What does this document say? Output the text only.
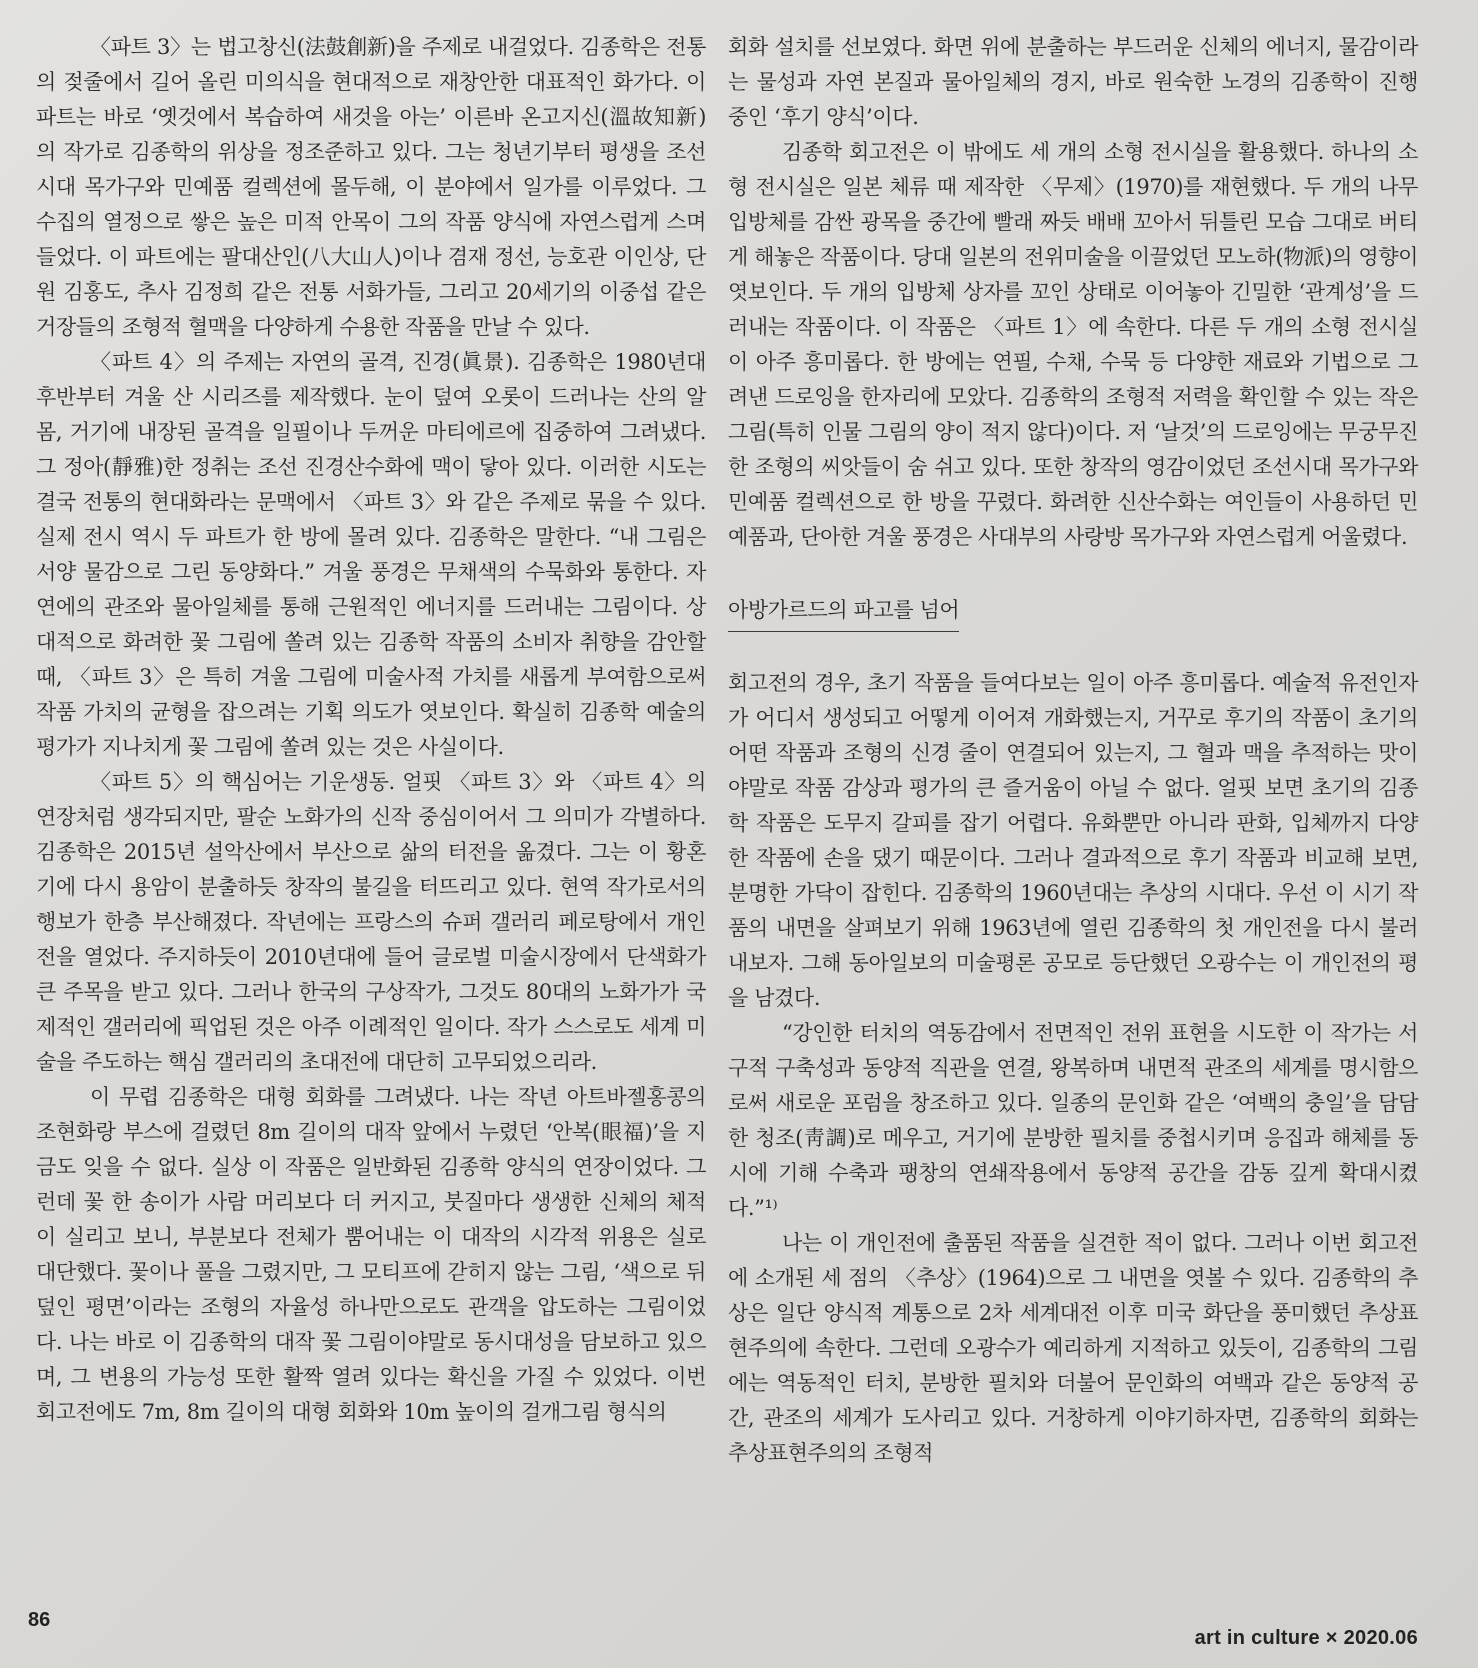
〈파트 3〉는 법고창신(法鼓創新)을 주제로 내걸었다. 김종학은 전통의 젖줄에서 길어 올린 미의식을 현대적으로 재창안한 대표적인 화가다. 이 파트는 바로 ‘옛것에서 복습하여 새것을 아는’ 이른바 온고지신(溫故知新)의 작가로 김종학의 위상을 정조준하고 있다. 그는 청년기부터 평생을 조선시대 목가구와 민예품 컬렉션에 몰두해, 이 분야에서 일가를 이루었다. 그 수집의 열정으로 쌓은 높은 미적 안목이 그의 작품 양식에 자연스럽게 스며들었다. 이 파트에는 팔대산인(八大山人)이나 겸재 정선, 능호관 이인상, 단원 김홍도, 추사 김정희 같은 전통 서화가들, 그리고 20세기의 이중섭 같은 거장들의 조형적 혈맥을 다양하게 수용한 작품을 만날 수 있다.

〈파트 4〉의 주제는 자연의 골격, 진경(眞景). 김종학은 1980년대 후반부터 겨울 산 시리즈를 제작했다. 눈이 덮여 오롯이 드러나는 산의 알몸, 거기에 내장된 골격을 일필이나 두꺼운 마티에르에 집중하여 그려냈다. 그 정아(靜雅)한 정취는 조선 진경산수화에 맥이 닿아 있다. 이러한 시도는 결국 전통의 현대화라는 문맥에서 〈파트 3〉와 같은 주제로 묶을 수 있다. 실제 전시 역시 두 파트가 한 방에 몰려 있다. 김종학은 말한다. “내 그림은 서양 물감으로 그린 동양화다.” 겨울 풍경은 무채색의 수묵화와 통한다. 자연에의 관조와 물아일체를 통해 근원적인 에너지를 드러내는 그림이다. 상대적으로 화려한 꽃 그림에 쏠려 있는 김종학 작품의 소비자 취향을 감안할 때, 〈파트 3〉은 특히 겨울 그림에 미술사적 가치를 새롭게 부여함으로써 작품 가치의 균형을 잡으려는 기획 의도가 엿보인다. 확실히 김종학 예술의 평가가 지나치게 꽃 그림에 쏠려 있는 것은 사실이다.

〈파트 5〉의 핵심어는 기운생동. 얼핏 〈파트 3〉와 〈파트 4〉의 연장처럼 생각되지만, 팔순 노화가의 신작 중심이어서 그 의미가 각별하다. 김종학은 2015년 설악산에서 부산으로 삶의 터전을 옮겼다. 그는 이 황혼기에 다시 용암이 분출하듯 창작의 불길을 터뜨리고 있다. 현역 작가로서의 행보가 한층 부산해졌다. 작년에는 프랑스의 슈퍼 갤러리 페로탕에서 개인전을 열었다. 주지하듯이 2010년대에 들어 글로벌 미술시장에서 단색화가 큰 주목을 받고 있다. 그러나 한국의 구상작가, 그것도 80대의 노화가가 국제적인 갤러리에 픽업된 것은 아주 이례적인 일이다. 작가 스스로도 세계 미술을 주도하는 핵심 갤러리의 초대전에 대단히 고무되었으리라.

이 무렵 김종학은 대형 회화를 그려냈다. 나는 작년 아트바젤홍콩의 조현화랑 부스에 걸렸던 8m 길이의 대작 앞에서 누렸던 ‘안복(眼福)’을 지금도 잊을 수 없다. 실상 이 작품은 일반화된 김종학 양식의 연장이었다. 그런데 꽃 한 송이가 사람 머리보다 더 커지고, 붓질마다 생생한 신체의 체적이 실리고 보니, 부분보다 전체가 뿜어내는 이 대작의 시각적 위용은 실로 대단했다. 꽃이나 풀을 그렸지만, 그 모티프에 갇히지 않는 그림, ‘색으로 뒤덮인 평면’이라는 조형의 자율성 하나만으로도 관객을 압도하는 그림이었다. 나는 바로 이 김종학의 대작 꽃 그림이야말로 동시대성을 담보하고 있으며, 그 변용의 가능성 또한 활짝 열려 있다는 확신을 가질 수 있었다. 이번 회고전에도 7m, 8m 길이의 대형 회화와 10m 높이의 걸개그림 형식의

회화 설치를 선보였다. 화면 위에 분출하는 부드러운 신체의 에너지, 물감이라는 물성과 자연 본질과 물아일체의 경지, 바로 원숙한 노경의 김종학이 진행 중인 ‘후기 양식’이다.

김종학 회고전은 이 밖에도 세 개의 소형 전시실을 활용했다. 하나의 소형 전시실은 일본 체류 때 제작한 〈무제〉(1970)를 재현했다. 두 개의 나무 입방체를 감싼 광목을 중간에 빨래 짜듯 배배 꼬아서 뒤틀린 모습 그대로 버티게 해놓은 작품이다. 당대 일본의 전위미술을 이끌었던 모노하(物派)의 영향이 엿보인다. 두 개의 입방체 상자를 꼬인 상태로 이어놓아 긴밀한 ‘관계성’을 드러내는 작품이다. 이 작품은 〈파트 1〉에 속한다. 다른 두 개의 소형 전시실이 아주 흥미롭다. 한 방에는 연필, 수채, 수묵 등 다양한 재료와 기법으로 그려낸 드로잉을 한자리에 모았다. 김종학의 조형적 저력을 확인할 수 있는 작은 그림(특히 인물 그림의 양이 적지 않다)이다. 저 ‘날것’의 드로잉에는 무궁무진한 조형의 씨앗들이 숨 쉬고 있다. 또한 창작의 영감이었던 조선시대 목가구와 민예품 컬렉션으로 한 방을 꾸렸다. 화려한 신산수화는 여인들이 사용하던 민예품과, 단아한 겨울 풍경은 사대부의 사랑방 목가구와 자연스럽게 어울렸다.

아방가르드의 파고를 넘어

회고전의 경우, 초기 작품을 들여다보는 일이 아주 흥미롭다. 예술적 유전인자가 어디서 생성되고 어떻게 이어져 개화했는지, 거꾸로 후기의 작품이 초기의 어떤 작품과 조형의 신경 줄이 연결되어 있는지, 그 혈과 맥을 추적하는 맛이야말로 작품 감상과 평가의 큰 즐거움이 아닐 수 없다. 얼핏 보면 초기의 김종학 작품은 도무지 갈피를 잡기 어렵다. 유화뿐만 아니라 판화, 입체까지 다양한 작품에 손을 댔기 때문이다. 그러나 결과적으로 후기 작품과 비교해 보면, 분명한 가닥이 잡힌다. 김종학의 1960년대는 추상의 시대다. 우선 이 시기 작품의 내면을 살펴보기 위해 1963년에 열린 김종학의 첫 개인전을 다시 불러내보자. 그해 동아일보의 미술평론 공모로 등단했던 오광수는 이 개인전의 평을 남겼다.

“강인한 터치의 역동감에서 전면적인 전위 표현을 시도한 이 작가는 서구적 구축성과 동양적 직관을 연결, 왕복하며 내면적 관조의 세계를 명시함으로써 새로운 포럼을 창조하고 있다. 일종의 문인화 같은 ‘여백의 충일’을 담담한 청조(靑調)로 메우고, 거기에 분방한 필치를 중첩시키며 응집과 해체를 동시에 기해 수축과 팽창의 연쇄작용에서 동양적 공간을 감동 깊게 확대시켰다.”¹⁾

나는 이 개인전에 출품된 작품을 실견한 적이 없다. 그러나 이번 회고전에 소개된 세 점의 〈추상〉(1964)으로 그 내면을 엿볼 수 있다. 김종학의 추상은 일단 양식적 계통으로 2차 세계대전 이후 미국 화단을 풍미했던 추상표현주의에 속한다. 그런데 오광수가 예리하게 지적하고 있듯이, 김종학의 그림에는 역동적인 터치, 분방한 필치와 더불어 문인화의 여백과 같은 동양적 공간, 관조의 세계가 도사리고 있다. 거창하게 이야기하자면, 김종학의 회화는 추상표현주의의 조형적

86
art in culture × 2020.06
